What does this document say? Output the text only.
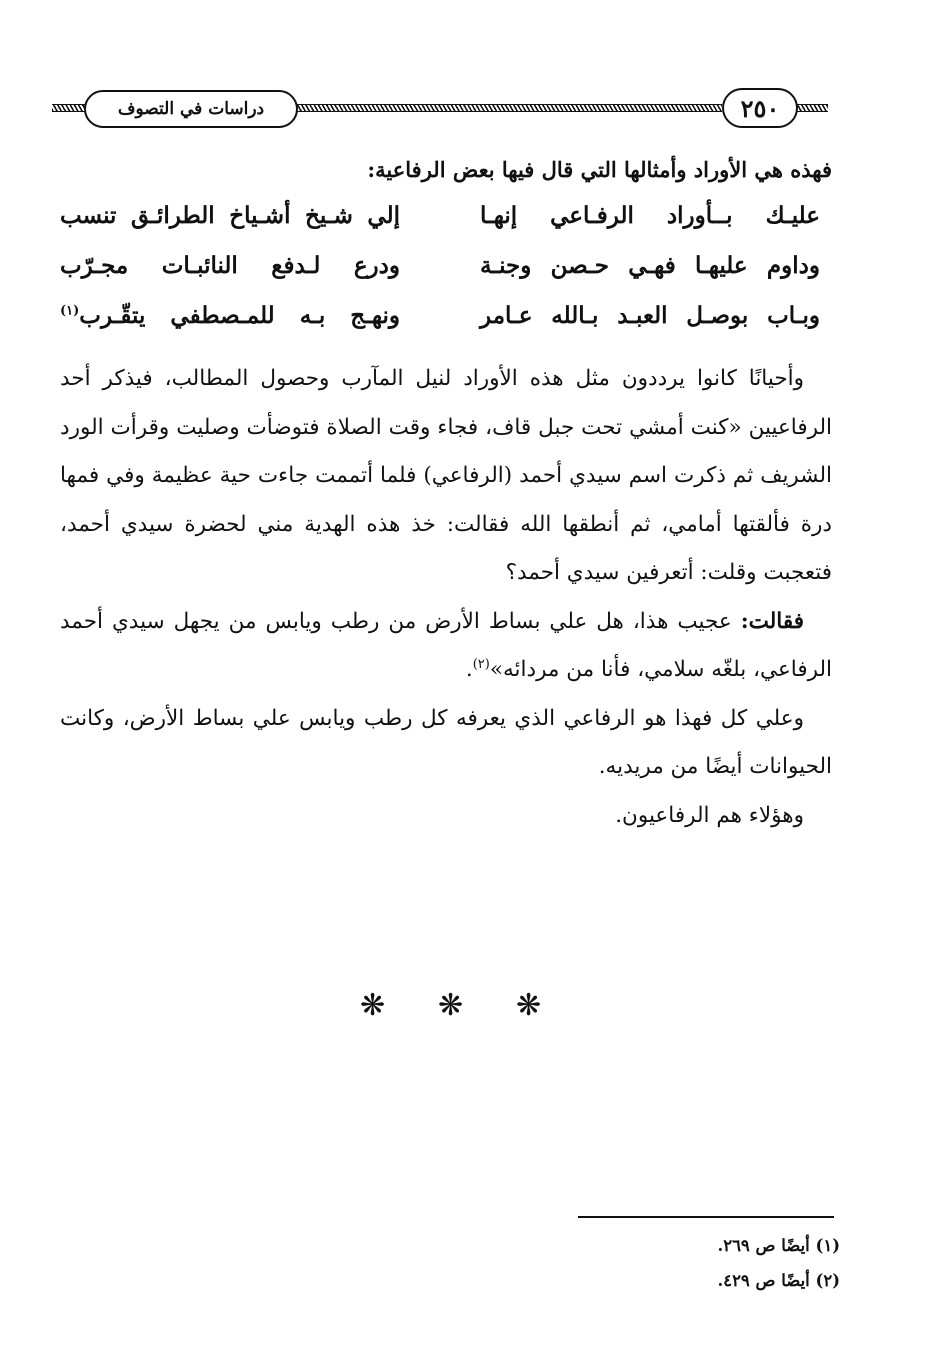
دراسات في التصوف	٢٥٠
فهذه هي الأوراد وأمثالها التي قال فيها بعض الرفاعية:
عليـك بــأوراد الرفـاعي إنهـا
إلي شـيخ أشـياخ الطرائـق تنسب
وداوم عليهـا فهـي حـصن وجنـة
ودرع لـدفع النائبـات مجـرّب
وبـاب بوصـل العبـد بـالله عـامر
ونهـج بـه للمـصطفي يتقّـرب$^{(١)}$

وأحيانًا كانوا يرددون مثل هذه الأوراد لنيل المآرب وحصول المطالب، فيذكر أحد الرفاعيين «كنت أمشي تحت جبل قاف، فجاء وقت الصلاة فتوضأت وصليت وقرأت الورد الشريف ثم ذكرت اسم سيدي أحمد (الرفاعي) فلما أتممت جاءت حية عظيمة وفي فمها درة فألقتها أمامي، ثم أنطقها الله فقالت: خذ هذه الهدية مني لحضرة سيدي أحمد، فتعجبت وقلت: أتعرفين سيدي أحمد؟

فقالت: عجيب هذا، هل علي بساط الأرض من رطب ويابس من يجهل سيدي أحمد الرفاعي، بلغّه سلامي، فأنا من مردائه»$^{(٢)}$.

وعلي كل فهذا هو الرفاعي الذي يعرفه كل رطب ويابس علي بساط الأرض، وكانت الحيوانات أيضًا من مريديه.

وهؤلاء هم الرفاعيون.

❋ ❋ ❋
(١) أيضًا ص ٢٦٩.
(٢) أيضًا ص ٤٢٩.
